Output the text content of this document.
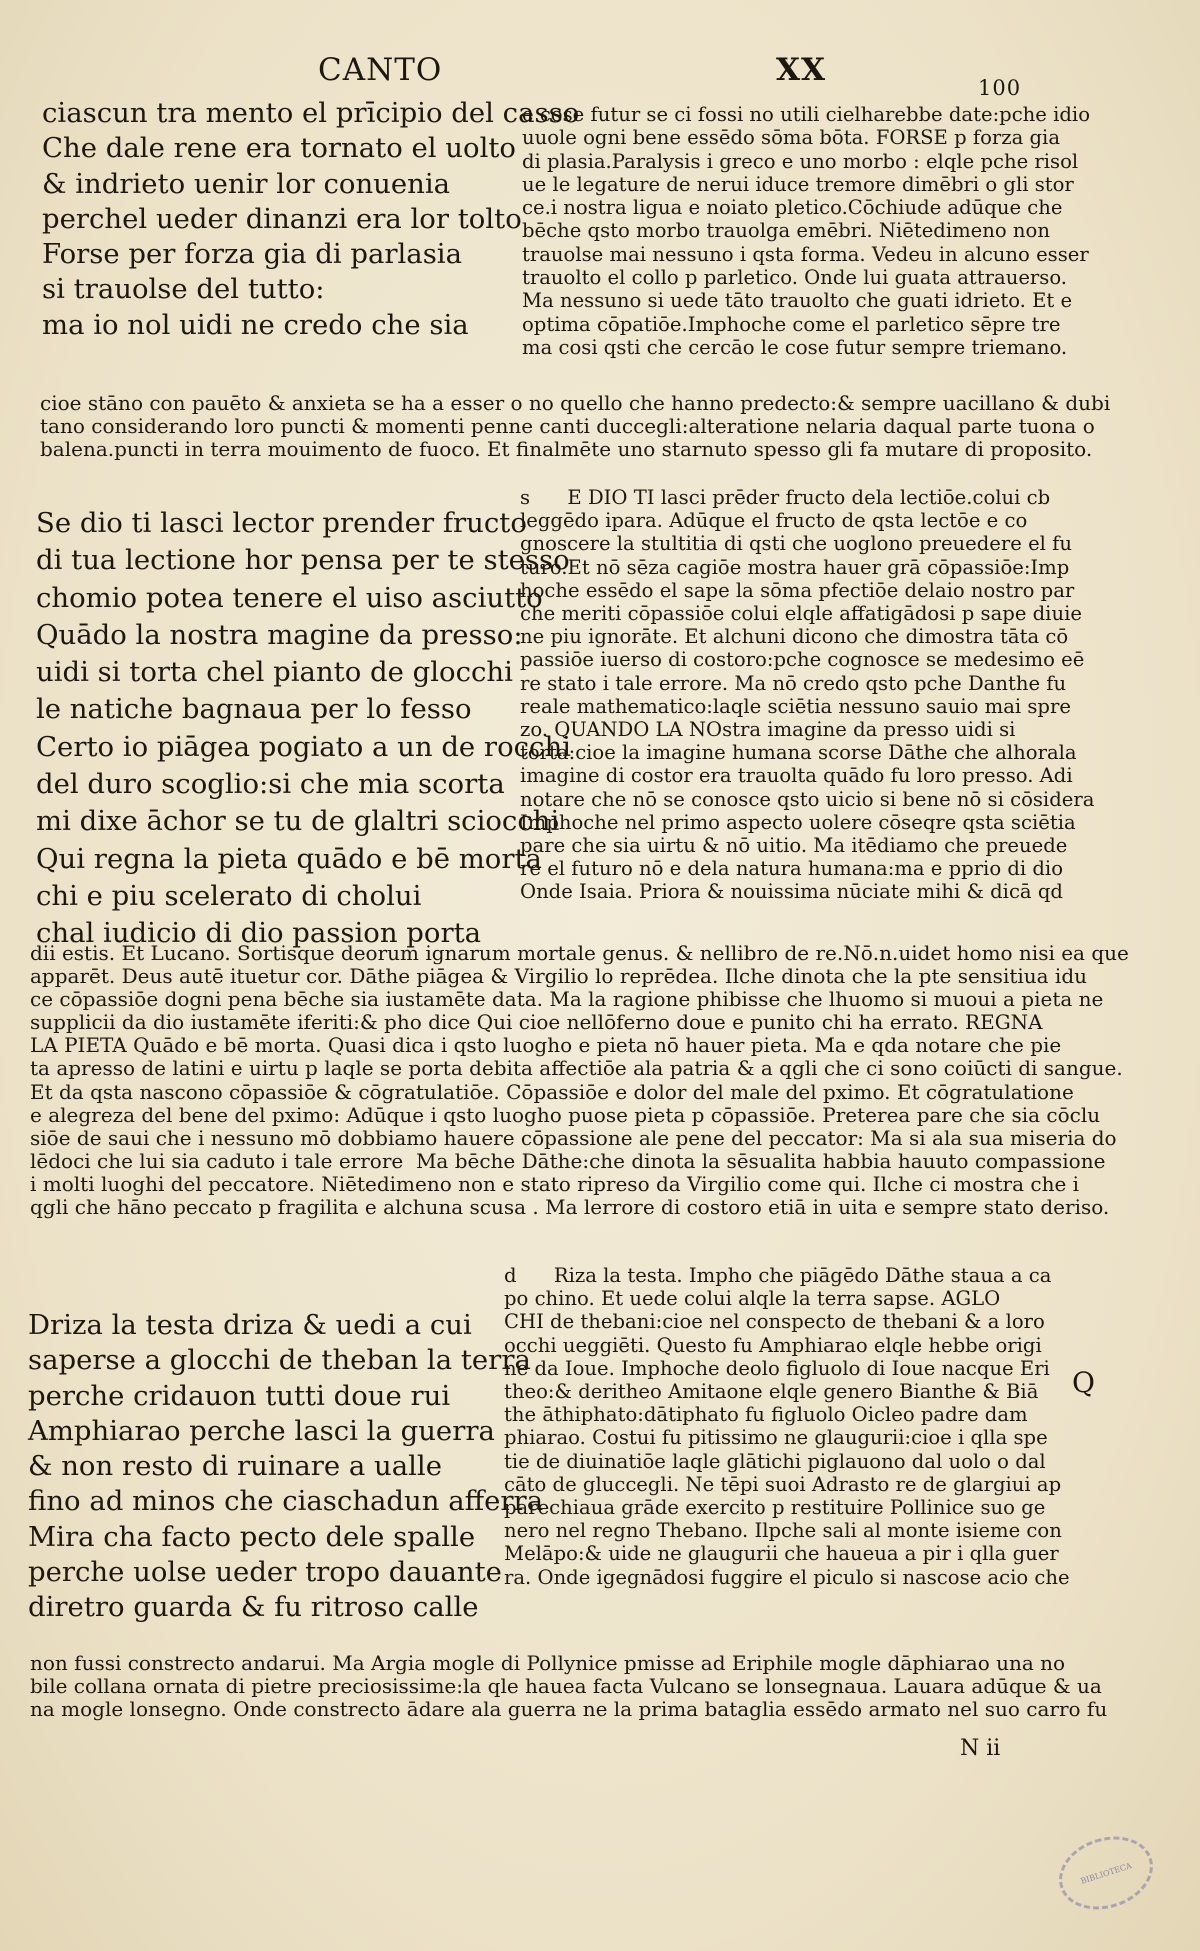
CANTO	XX	100
ciascun tra mento el prīcipio del casso
Che dale rene era tornato el uolto
& indrieto uenir lor conuenia
perchel ueder dinanzi era lor tolto
Forse per forza gia di parlasia
si trauolse del tutto:
ma io nol uidi ne credo che sia
e cose futur se ci fossi no utili cielharebbe date:pche idio
uuole ogni bene essēdo sōma bōta. FORSE p forza gia
di plasia.Paralysis i greco e uno morbo : elqle pche risol
ue le legature de nerui iduce tremore dimēbri o gli stor
ce.i nostra ligua e noiato pletico.Cōchiude adūque che
bēche qsto morbo trauolga emēbri. Niētedimeno non
trauolse mai nessuno i qsta forma. Vedeu in alcuno esser
trauolto el collo p parletico. Onde lui guata attrauerso.
Ma nessuno si uede tāto trauolto che guati idrieto. Et e
optima cōpatiōe.Imphoche come el parletico sēpre tre
ma cosi qsti che cercāo le cose futur sempre triemano.
cioe stāno con pauēto & anxieta se ha a esser o no quello che hanno predecto:& sempre uacillano & dubi
tano considerando loro puncti & momenti penne canti duccegli:alteratione nelaria daqual parte tuona o
balena.puncti in terra mouimento de fuoco. Et finalmēte uno starnuto spesso gli fa mutare di proposito.
Se dio ti lasci lector prender fructo
di tua lectione hor pensa per te stesso
chomio potea tenere el uiso asciutto
Quādo la nostra magine da presso:
uidi si torta chel pianto de glocchi
le natiche bagnaua per lo fesso
Certo io piāgea pogiato a un de rocchi
del duro scoglio:si che mia scorta
mi dixe āchor se tu de glaltri sciocchi
Qui regna la pieta quādo e bē morta
chi e piu scelerato di cholui
chal iudicio di dio passion porta
s      E DIO TI lasci prēder fructo dela lectiōe.colui cb
leggēdo ipara. Adūque el fructo de qsta lectōe e co
gnoscere la stultitia di qsti che uoglono preuedere el fu
turo.Et nō sēza cagiōe mostra hauer grā cōpassiōe:Imp
hoche essēdo el sape la sōma pfectiōe delaio nostro par
che meriti cōpassiōe colui elqle affatigādosi p sape diuie
ne piu ignorāte. Et alchuni dicono che dimostra tāta cō
passiōe iuerso di costoro:pche cognosce se medesimo eē
re stato i tale errore. Ma nō credo qsto pche Danthe fu
reale mathematico:laqle sciētia nessuno sauio mai spre
zo. QUANDO LA NOstra imagine da presso uidi si
torta:cioe la imagine humana scorse Dāthe che alhorala
imagine di costor era trauolta quādo fu loro presso. Adi
notare che nō se conosce qsto uicio si bene nō si cōsidera
Imphoche nel primo aspecto uolere cōseqre qsta sciētia
pare che sia uirtu & nō uitio. Ma itēdiamo che preuede
re el futuro nō e dela natura humana:ma e pprio di dio
Onde Isaia. Priora & nouissima nūciate mihi & dicā qd
dii estis. Et Lucano. Sortisque deorum ignarum mortale genus. & nellibro de re.Nō.n.uidet homo nisi ea que
apparēt. Deus autē ituetur cor. Dāthe piāgea & Virgilio lo reprēdea. Ilche dinota che la pte sensitiua idu
ce cōpassiōe dogni pena bēche sia iustamēte data. Ma la ragione phibisse che lhuomo si muoui a pieta ne
supplicii da dio iustamēte iferiti:& pho dice Qui cioe nellōferno doue e punito chi ha errato. REGNA
LA PIETA Quādo e bē morta. Quasi dica i qsto luogho e pieta nō hauer pieta. Ma e qda notare che pie
ta apresso de latini e uirtu p laqle se porta debita affectiōe ala patria & a qgli che ci sono coiūcti di sangue.
Et da qsta nascono cōpassiōe & cōgratulatiōe. Cōpassiōe e dolor del male del pximo. Et cōgratulatione
e alegreza del bene del pximo: Adūque i qsto luogho puose pieta p cōpassiōe. Preterea pare che sia cōclu
siōe de saui che i nessuno mō dobbiamo hauere cōpassione ale pene del peccator: Ma si ala sua miseria do
lēdoci che lui sia caduto i tale errore  Ma bēche Dāthe:che dinota la sēsualita habbia hauuto compassione
i molti luoghi del peccatore. Niētedimeno non e stato ripreso da Virgilio come qui. Ilche ci mostra che i
qgli che hāno peccato p fragilita e alchuna scusa . Ma lerrore di costoro etiā in uita e sempre stato deriso.
Driza la testa driza & uedi a cui
saperse a glocchi de theban la terra
perche cridauon tutti doue rui
Amphiarao perche lasci la guerra
& non resto di ruinare a ualle
fino ad minos che ciaschadun afferra
Mira cha facto pecto dele spalle
perche uolse ueder tropo dauante
diretro guarda & fu ritroso calle
d      Riza la testa. Impho che piāgēdo Dāthe staua a ca
po chino. Et uede colui alqle la terra sapse. AGLO
CHI de thebani:cioe nel conspecto de thebani & a loro
occhi ueggiēti. Questo fu Amphiarao elqle hebbe origi
ne da Ioue. Imphoche deolo figluolo di Ioue nacque Eri
theo:& deritheo Amitaone elqle genero Bianthe & Biā
the āthiphato:dātiphato fu figluolo Oicleo padre dam
phiarao. Costui fu pitissimo ne glaugurii:cioe i qlla spe
tie de diuinatiōe laqle glātichi piglauono dal uolo o dal
cāto de gluccegli. Ne tēpi suoi Adrasto re de glargiui ap
parechiaua grāde exercito p restituire Pollinice suo ge
nero nel regno Thebano. Ilpche sali al monte isieme con
Melāpo:& uide ne glaugurii che haueua a pir i qlla guer
ra. Onde igegnādosi fuggire el piculo si nascose acio che
non fussi constrecto andarui. Ma Argia mogle di Pollynice pmisse ad Eriphile mogle dāphiarao una no
bile collana ornata di pietre preciosissime:la qle hauea facta Vulcano se lonsegnaua. Lauara adūque & ua
na mogle lonsegno. Onde constrecto ādare ala guerra ne la prima bataglia essēdo armato nel suo carro fu
Q
N ii
BIBLIOTECA
